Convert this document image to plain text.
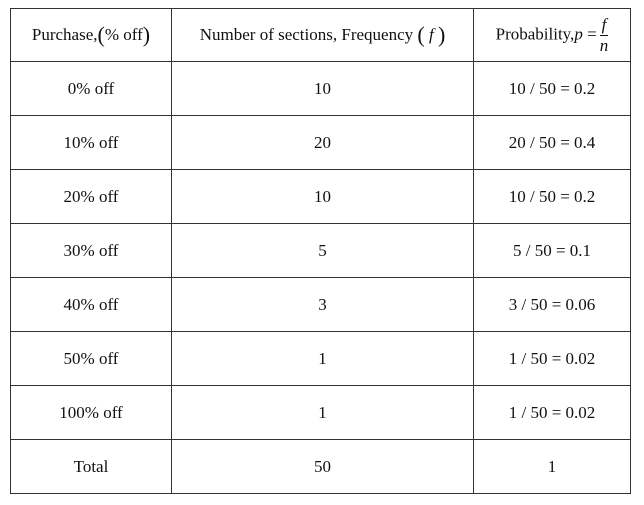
Purchase,(% off)	Number of sections, Frequency ( f )	Probability,p = $\frac{f}{n}$

0% off	10	10 / 50 = 0.2
10% off	20	20 / 50 = 0.4
20% off	10	10 / 50 = 0.2
30% off	5	5 / 50 = 0.1
40% off	3	3 / 50 = 0.06
50% off	1	1 / 50 = 0.02
100% off	1	1 / 50 = 0.02
Total	50	1
